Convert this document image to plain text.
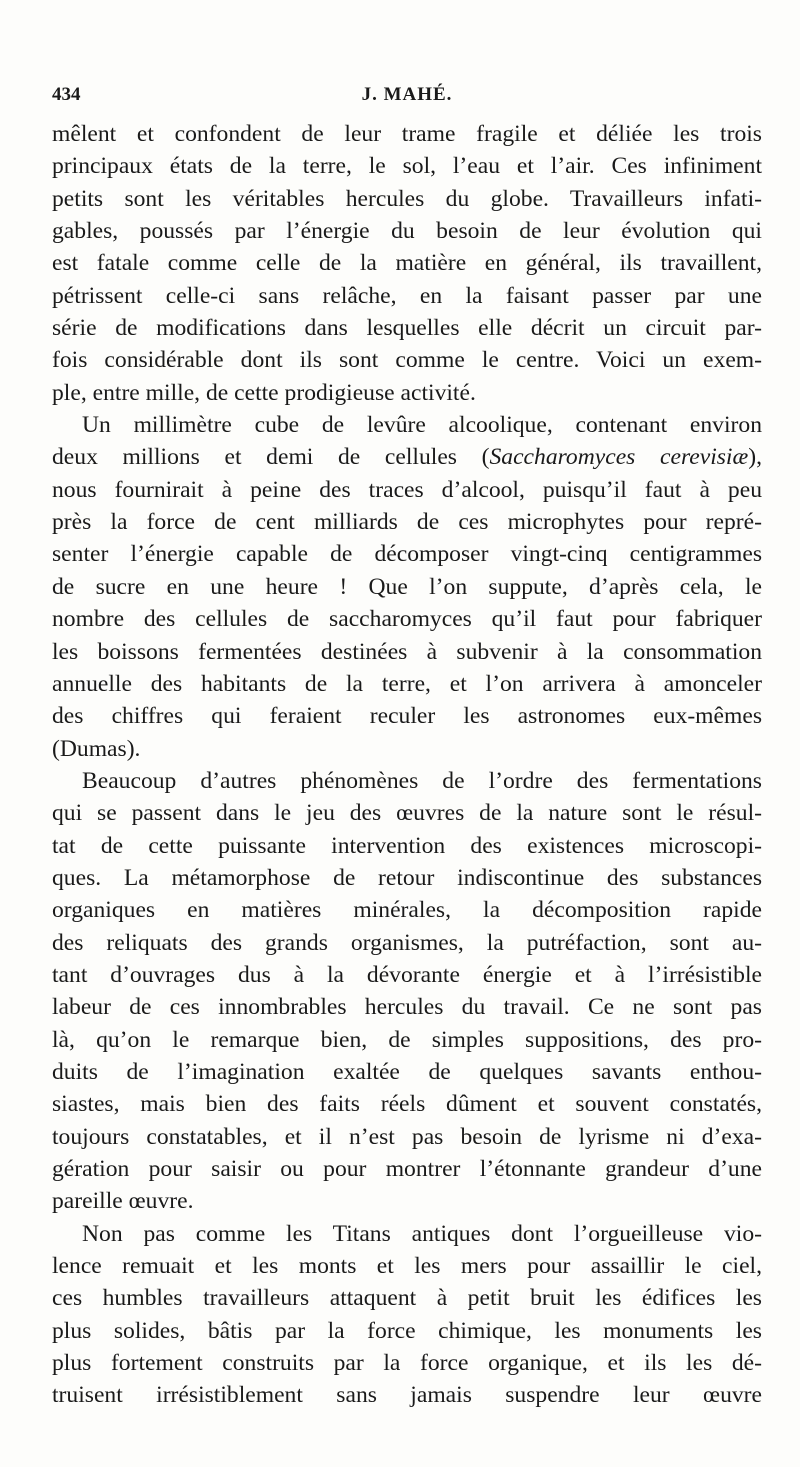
434	J. MAHÉ.
mêlent et confondent de leur trame fragile et déliée les trois
principaux états de la terre, le sol, l’eau et l’air. Ces infiniment
petits sont les véritables hercules du globe. Travailleurs infati-
gables, poussés par l’énergie du besoin de leur évolution qui
est fatale comme celle de la matière en général, ils travaillent,
pétrissent celle-ci sans relâche, en la faisant passer par une
série de modifications dans lesquelles elle décrit un circuit par-
fois considérable dont ils sont comme le centre. Voici un exem-
ple, entre mille, de cette prodigieuse activité.
Un millimètre cube de levûre alcoolique, contenant environ
deux millions et demi de cellules (Saccharomyces cerevisiæ),
nous fournirait à peine des traces d’alcool, puisqu’il faut à peu
près la force de cent milliards de ces microphytes pour repré-
senter l’énergie capable de décomposer vingt-cinq centigrammes
de sucre en une heure ! Que l’on suppute, d’après cela, le
nombre des cellules de saccharomyces qu’il faut pour fabriquer
les boissons fermentées destinées à subvenir à la consommation
annuelle des habitants de la terre, et l’on arrivera à amonceler
des chiffres qui feraient reculer les astronomes eux-mêmes
(Dumas).
Beaucoup d’autres phénomènes de l’ordre des fermentations
qui se passent dans le jeu des œuvres de la nature sont le résul-
tat de cette puissante intervention des existences microscopi-
ques. La métamorphose de retour indiscontinue des substances
organiques en matières minérales, la décomposition rapide
des reliquats des grands organismes, la putréfaction, sont au-
tant d’ouvrages dus à la dévorante énergie et à l’irrésistible
labeur de ces innombrables hercules du travail. Ce ne sont pas
là, qu’on le remarque bien, de simples suppositions, des pro-
duits de l’imagination exaltée de quelques savants enthou-
siastes, mais bien des faits réels dûment et souvent constatés,
toujours constatables, et il n’est pas besoin de lyrisme ni d’exa-
gération pour saisir ou pour montrer l’étonnante grandeur d’une
pareille œuvre.
Non pas comme les Titans antiques dont l’orgueilleuse vio-
lence remuait et les monts et les mers pour assaillir le ciel,
ces humbles travailleurs attaquent à petit bruit les édifices les
plus solides, bâtis par la force chimique, les monuments les
plus fortement construits par la force organique, et ils les dé-
truisent irrésistiblement sans jamais suspendre leur œuvre
